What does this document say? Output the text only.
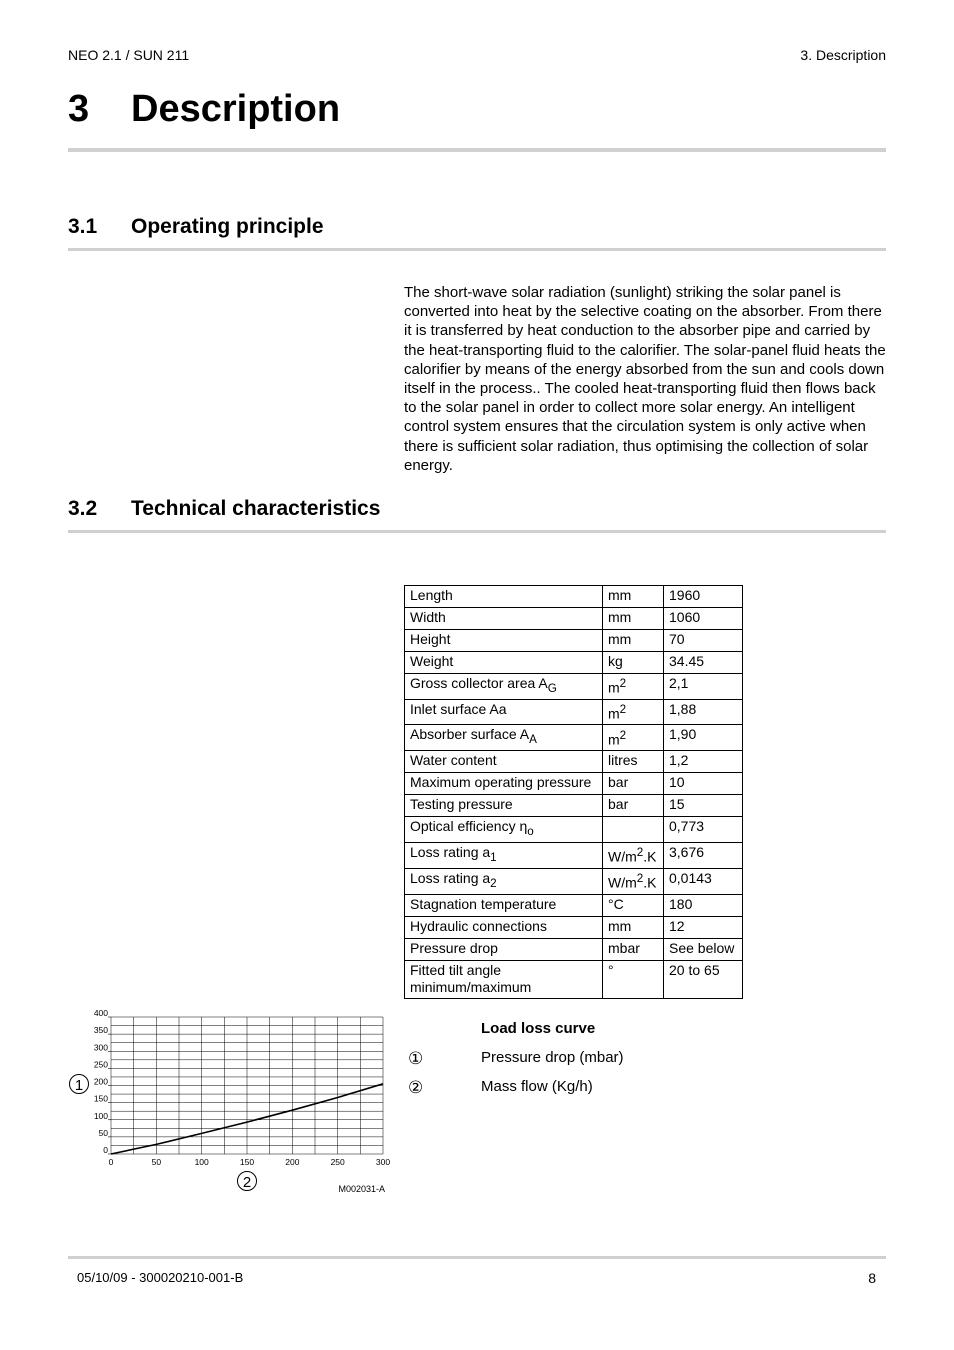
NEO 2.1 / SUN 211	3. Description
3 Description
3.1 Operating principle
The short-wave solar radiation (sunlight) striking the solar panel is converted into heat by the selective coating on the absorber. From there it is transferred by heat conduction to the absorber pipe and carried by the heat-transporting fluid to the calorifier. The solar-panel fluid heats the calorifier by means of the energy absorbed from the sun and cools down itself in the process.. The cooled heat-transporting fluid then flows back to the solar panel in order to collect more solar energy. An intelligent control system ensures that the circulation system is only active when there is sufficient solar radiation, thus optimising the collection of solar energy.
3.2 Technical characteristics
Length	mm	1960
Width	mm	1060
Height	mm	70
Weight	kg	34.45
Gross collector area $A_G$	$m^2$	2,1
Inlet surface Aa	$m^2$	1,88
Absorber surface $A_A$	$m^2$	1,90
Water content	litres	1,2
Maximum operating pressure	bar	10
Testing pressure	bar	15
Optical efficiency $\eta_o$		0,773
Loss rating $a_1$	$W/m^2.K$	3,676
Loss rating $a_2$	$W/m^2.K$	0,0143
Stagnation temperature	°C	180
Hydraulic connections	mm	12
Pressure drop	mbar	See below
Fitted tilt angle
minimum/maximum	°	20 to 65
0
50
100
150
200
250
300
350
400
0	50	100	150	200	250	300
1
2	M002031-A
Load loss curve
①	Pressure drop (mbar)
②	Mass flow (Kg/h)
05/10/09 - 300020210-001-B	8
